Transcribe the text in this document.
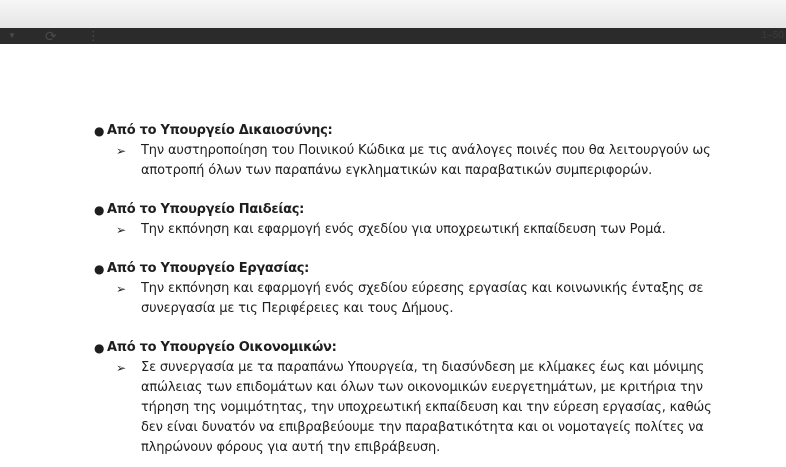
▼ ⟳ ⋮	1–50
● Από το Υπουργείο Δικαιοσύνης:
➢ Την αυστηροποίηση του Ποινικού Κώδικα με τις ανάλογες ποινές που θα λειτουργούν ως αποτροπή όλων των παραπάνω εγκληματικών και παραβατικών συμπεριφορών.
● Από το Υπουργείο Παιδείας:
➢ Την εκπόνηση και εφαρμογή ενός σχεδίου για υποχρεωτική εκπαίδευση των Ρομά.
● Από το Υπουργείο Εργασίας:
➢ Την εκπόνηση και εφαρμογή ενός σχεδίου εύρεσης εργασίας και κοινωνικής ένταξης σε συνεργασία με τις Περιφέρειες και τους Δήμους.
● Από το Υπουργείο Οικονομικών:
➢ Σε συνεργασία με τα παραπάνω Υπουργεία, τη διασύνδεση με κλίμακες έως και μόνιμης απώλειας των επιδομάτων και όλων των οικονομικών ευεργετημάτων, με κριτήρια την τήρηση της νομιμότητας, την υποχρεωτική εκπαίδευση και την εύρεση εργασίας, καθώς δεν είναι δυνατόν να επιβραβεύουμε την παραβατικότητα και οι νομοταγείς πολίτες να πληρώνουν φόρους για αυτή την επιβράβευση.
